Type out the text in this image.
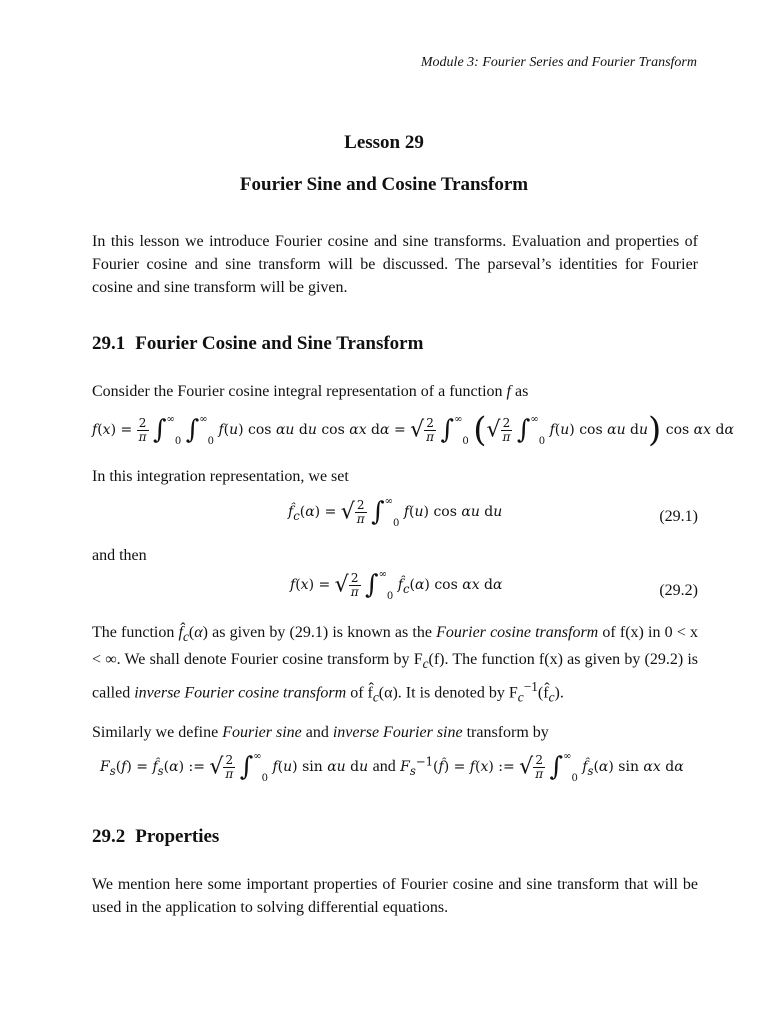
Module 3: Fourier Series and Fourier Transform
Lesson 29
Fourier Sine and Cosine Transform
In this lesson we introduce Fourier cosine and sine transforms. Evaluation and properties of Fourier cosine and sine transform will be discussed. The parseval’s identities for Fourier cosine and sine transform will be given.
29.1 Fourier Cosine and Sine Transform
Consider the Fourier cosine integral representation of a function f as
$f(x) = \frac{2}{\pi} \int\infty 0$ ∫∞0 f(u) cos αu du cos αx dα = √ $\frac{2}{\pi} \int\infty 0$ (√ $\frac{2}{\pi} \int\infty 0$ f(u) cos αu du) cos αx dα
In this integration representation, we set
$f̂_c(\alpha)$ = √ $\frac{2}{\pi} \int\infty 0$ f(u) cos αu du	(29.1)
and then
f(x) = √ $\frac{2}{\pi} \int\infty 0$ $f̂_c(\alpha)$ cos αx dα	(29.2)
The function $f̂_c(\alpha)$ as given by (29.1) is known as the Fourier cosine transform of f(x) in 0 < x < ∞. We shall denote Fourier cosine transform by $F_c(f)$. The function f(x) as given by (29.2) is called inverse Fourier cosine transform of $f̂_c(\alpha)$. It is denoted by $F_c^{-1}(f̂_c)$.
Similarly we define Fourier sine and inverse Fourier sine transform by
$F_s(f)$ = $f̂_s(\alpha)$ := √ $\frac{2}{\pi} \int\infty 0$ f(u) sin αu du and $F_s^{-1}(f̂) = f(x)$ := √ $\frac{2}{\pi} \int\infty 0$ $f̂_s(\alpha)$ sin αx dα
29.2 Properties
We mention here some important properties of Fourier cosine and sine transform that will be used in the application to solving differential equations.
